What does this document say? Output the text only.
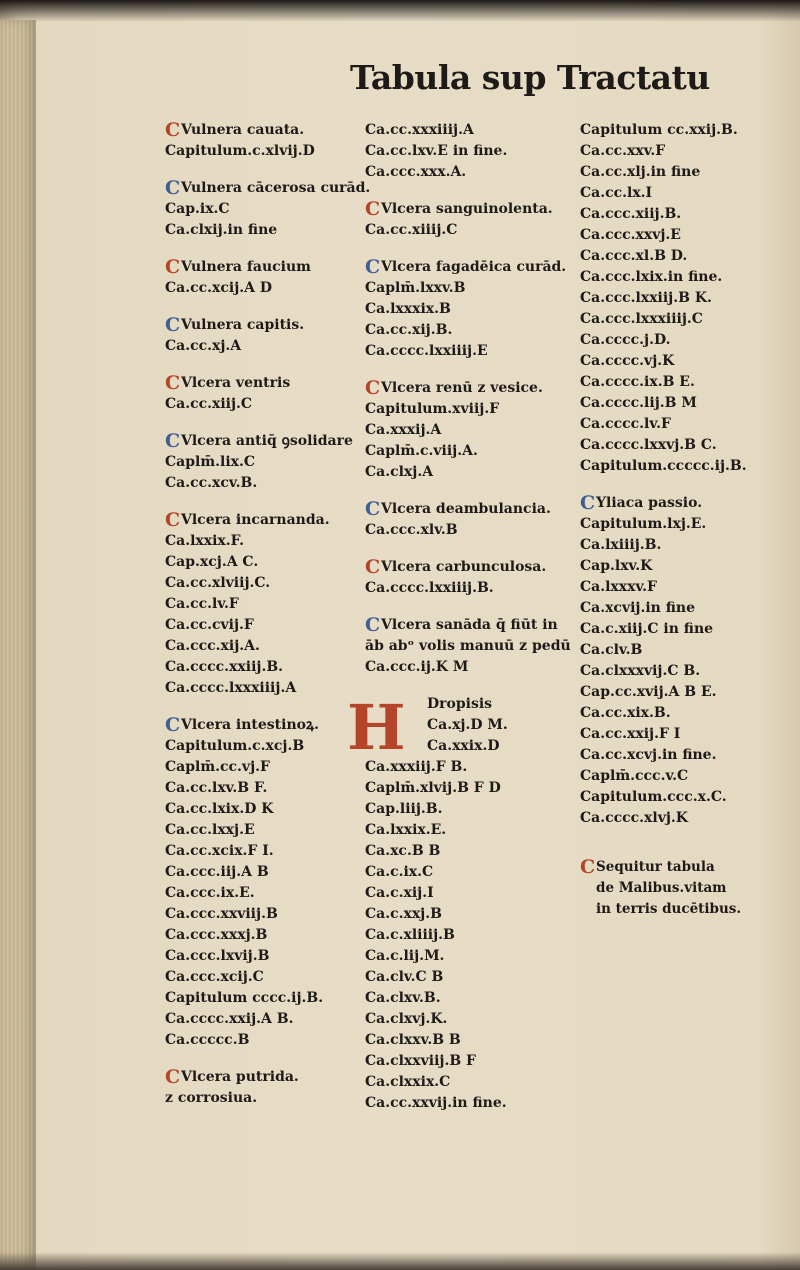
Tabula sup Tractatu
CVulnera cauata.
Capitulum.c.xlvij.D
CVulnera cācerosa curād.
Cap.ix.C
Ca.clxij.in fine
CVulnera faucium
Ca.cc.xcij.A D
CVulnera capitis.
Ca.cc.xj.A
CVlcera ventris
Ca.cc.xiij.C
CVlcera antiq̄ ꝯsolidare
Caplm̄.lix.C
Ca.cc.xcv.B.
CVlcera incarnanda.
Ca.lxxix.F.
Cap.xcj.A C.
Ca.cc.xlviij.C.
Ca.cc.lv.F
Ca.cc.cvij.F
Ca.ccc.xij.A.
Ca.cccc.xxiij.B.
Ca.cccc.lxxxiiij.A
CVlcera intestinoꝝ.
Capitulum.c.xcj.B
Caplm̄.cc.vj.F
Ca.cc.lxv.B F.
Ca.cc.lxix.D K
Ca.cc.lxxj.E
Ca.cc.xcix.F I.
Ca.ccc.iij.A B
Ca.ccc.ix.E.
Ca.ccc.xxviij.B
Ca.ccc.xxxj.B
Ca.ccc.lxvij.B
Ca.ccc.xcij.C
Capitulum cccc.ij.B.
Ca.cccc.xxij.A B.
Ca.ccccc.B
CVlcera putrida.
z corrosiua.
Ca.cc.xxxiiij.A
Ca.cc.lxv.E in fine.
Ca.ccc.xxx.A.
CVlcera sanguinolenta.
Ca.cc.xiiij.C
CVlcera fagadēica curād.
Caplm̄.lxxv.B
Ca.lxxxix.B
Ca.cc.xij.B.
Ca.cccc.lxxiiij.E
CVlcera renū z vesice.
Capitulum.xviij.F
Ca.xxxij.A
Caplm̄.c.viij.A.
Ca.clxj.A
CVlcera deambulancia.
Ca.ccc.xlv.B
CVlcera carbunculosa.
Ca.cccc.lxxiiij.B.
CVlcera sanāda q̄ fiūt in
āb abᵒ volis manuū z pedū
Ca.ccc.ij.K M
H Dropisis
Ca.xj.D M.
Ca.xxix.D
Ca.xxxiij.F B.
Caplm̄.xlvij.B F D
Cap.liij.B.
Ca.lxxix.E.
Ca.xc.B B
Ca.c.ix.C
Ca.c.xij.I
Ca.c.xxj.B
Ca.c.xliiij.B
Ca.c.lij.M.
Ca.clv.C B
Ca.clxv.B.
Ca.clxvj.K.
Ca.clxxv.B B
Ca.clxxviij.B F
Ca.clxxix.C
Ca.cc.xxvij.in fine.
Capitulum cc.xxij.B.
Ca.cc.xxv.F
Ca.cc.xlj.in fine
Ca.cc.lx.I
Ca.ccc.xiij.B.
Ca.ccc.xxvj.E
Ca.ccc.xl.B D.
Ca.ccc.lxix.in fine.
Ca.ccc.lxxiij.B K.
Ca.ccc.lxxxiiij.C
Ca.cccc.j.D.
Ca.cccc.vj.K
Ca.cccc.ix.B E.
Ca.cccc.lij.B M
Ca.cccc.lv.F
Ca.cccc.lxxvj.B C.
Capitulum.ccccc.ij.B.
CYliaca passio.
Capitulum.lxj.E.
Ca.lxiiij.B.
Cap.lxv.K
Ca.lxxxv.F
Ca.xcvij.in fine
Ca.c.xiij.C in fine
Ca.clv.B
Ca.clxxxvij.C B.
Cap.cc.xvij.A B E.
Ca.cc.xix.B.
Ca.cc.xxij.F I
Ca.cc.xcvj.in fine.
Caplm̄.ccc.v.C
Capitulum.ccc.x.C.
Ca.cccc.xlvj.K
CSequitur tabula
de Malibus.vitam
in terris ducētibus.
